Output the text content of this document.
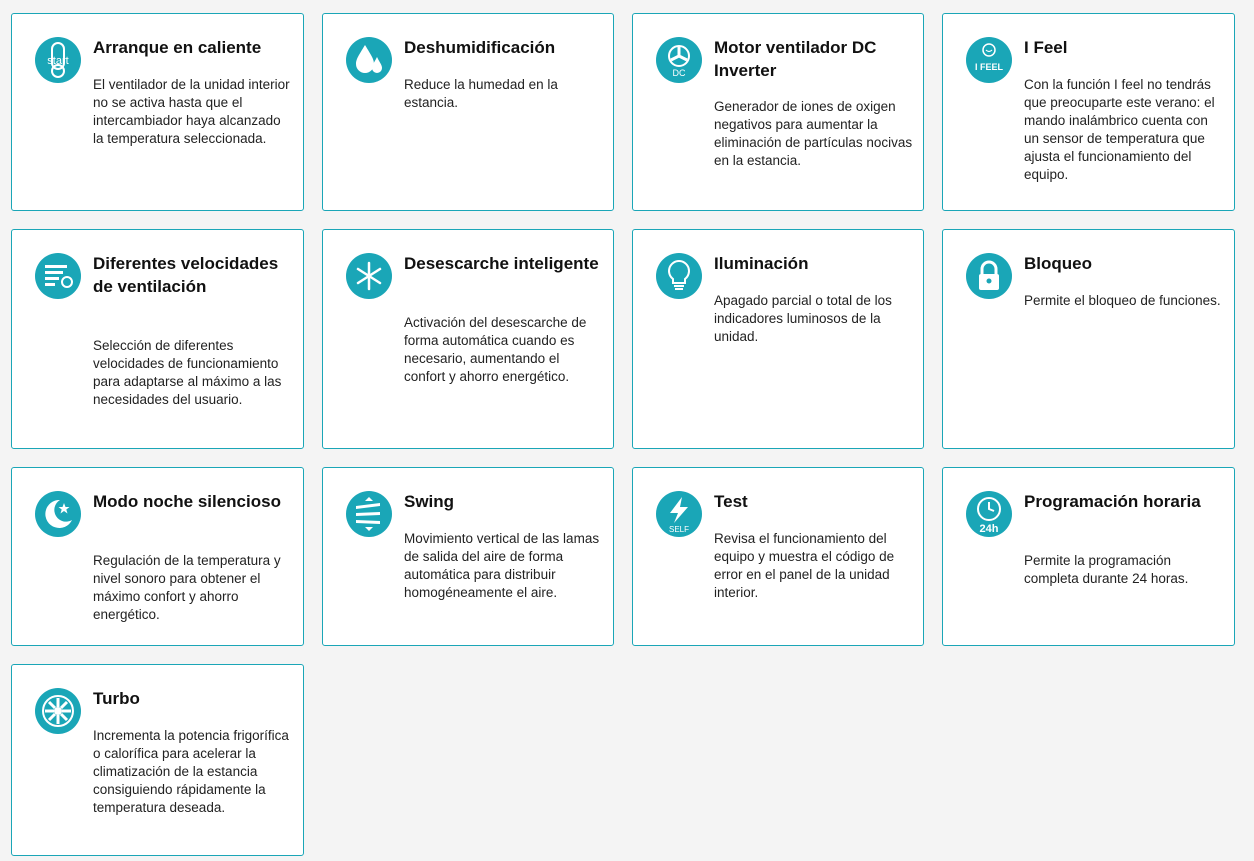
start

Arranque en caliente

El ventilador de la unidad interior no se activa hasta que el intercambiador haya alcanzado la temperatura seleccionada.

Deshumidificación

Reduce la humedad en la estancia.

DC

Motor ventilador DC Inverter

Generador de iones de oxigen negativos para aumentar la eliminación de partículas nocivas en la estancia.

I FEEL

I Feel

Con la función I feel no tendrás que preocuparte este verano: el mando inalámbrico cuenta con un sensor de temperatura que ajusta el funcionamiento del equipo.

Diferentes velocidades de ventilación

Selección de diferentes velocidades de funcionamiento para adaptarse al máximo a las necesidades del usuario.

Desescarche inteligente

Activación del desescarche de forma automática cuando es necesario, aumentando el confort y ahorro energético.

Iluminación

Apagado parcial o total de los indicadores luminosos de la unidad.

Bloqueo

Permite el bloqueo de funciones.

Modo noche silencioso

Regulación de la temperatura y nivel sonoro para obtener el máximo confort y ahorro energético.

Swing

Movimiento vertical de las lamas de salida del aire de forma automática para distribuir homogéneamente el aire.

SELF

Test

Revisa el funcionamiento del equipo y muestra el código de error en el panel de la unidad interior.

24h

Programación horaria

Permite la programación completa durante 24 horas.

Turbo

Incrementa la potencia frigorífica o calorífica para acelerar la climatización de la estancia consiguiendo rápidamente la temperatura deseada.
